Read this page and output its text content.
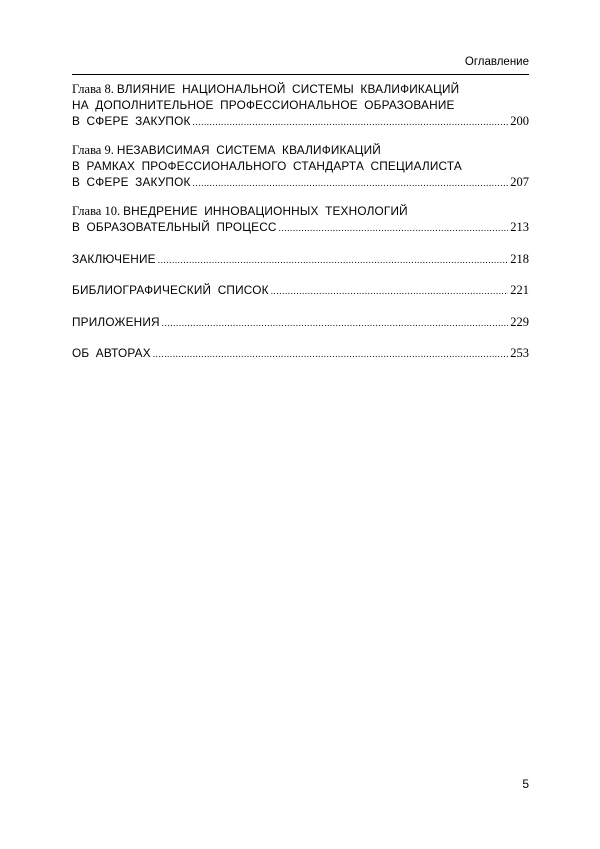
Оглавление
Глава 8. ВЛИЯНИЕ НАЦИОНАЛЬНОЙ СИСТЕМЫ КВАЛИФИКАЦИЙ
НА ДОПОЛНИТЕЛЬНОЕ ПРОФЕССИОНАЛЬНОЕ ОБРАЗОВАНИЕ
В СФЕРЕ ЗАКУПОК .....	200
Глава 9. НЕЗАВИСИМАЯ СИСТЕМА КВАЛИФИКАЦИЙ
В РАМКАХ ПРОФЕССИОНАЛЬНОГО СТАНДАРТА СПЕЦИАЛИСТА
В СФЕРЕ ЗАКУПОК .....	207
Глава 10. ВНЕДРЕНИЕ ИННОВАЦИОННЫХ ТЕХНОЛОГИЙ
В ОБРАЗОВАТЕЛЬНЫЙ ПРОЦЕСС .....	213
ЗАКЛЮЧЕНИЕ .....	218
БИБЛИОГРАФИЧЕСКИЙ СПИСОК .....	221
ПРИЛОЖЕНИЯ .....	229
ОБ АВТОРАХ .....	253
5
